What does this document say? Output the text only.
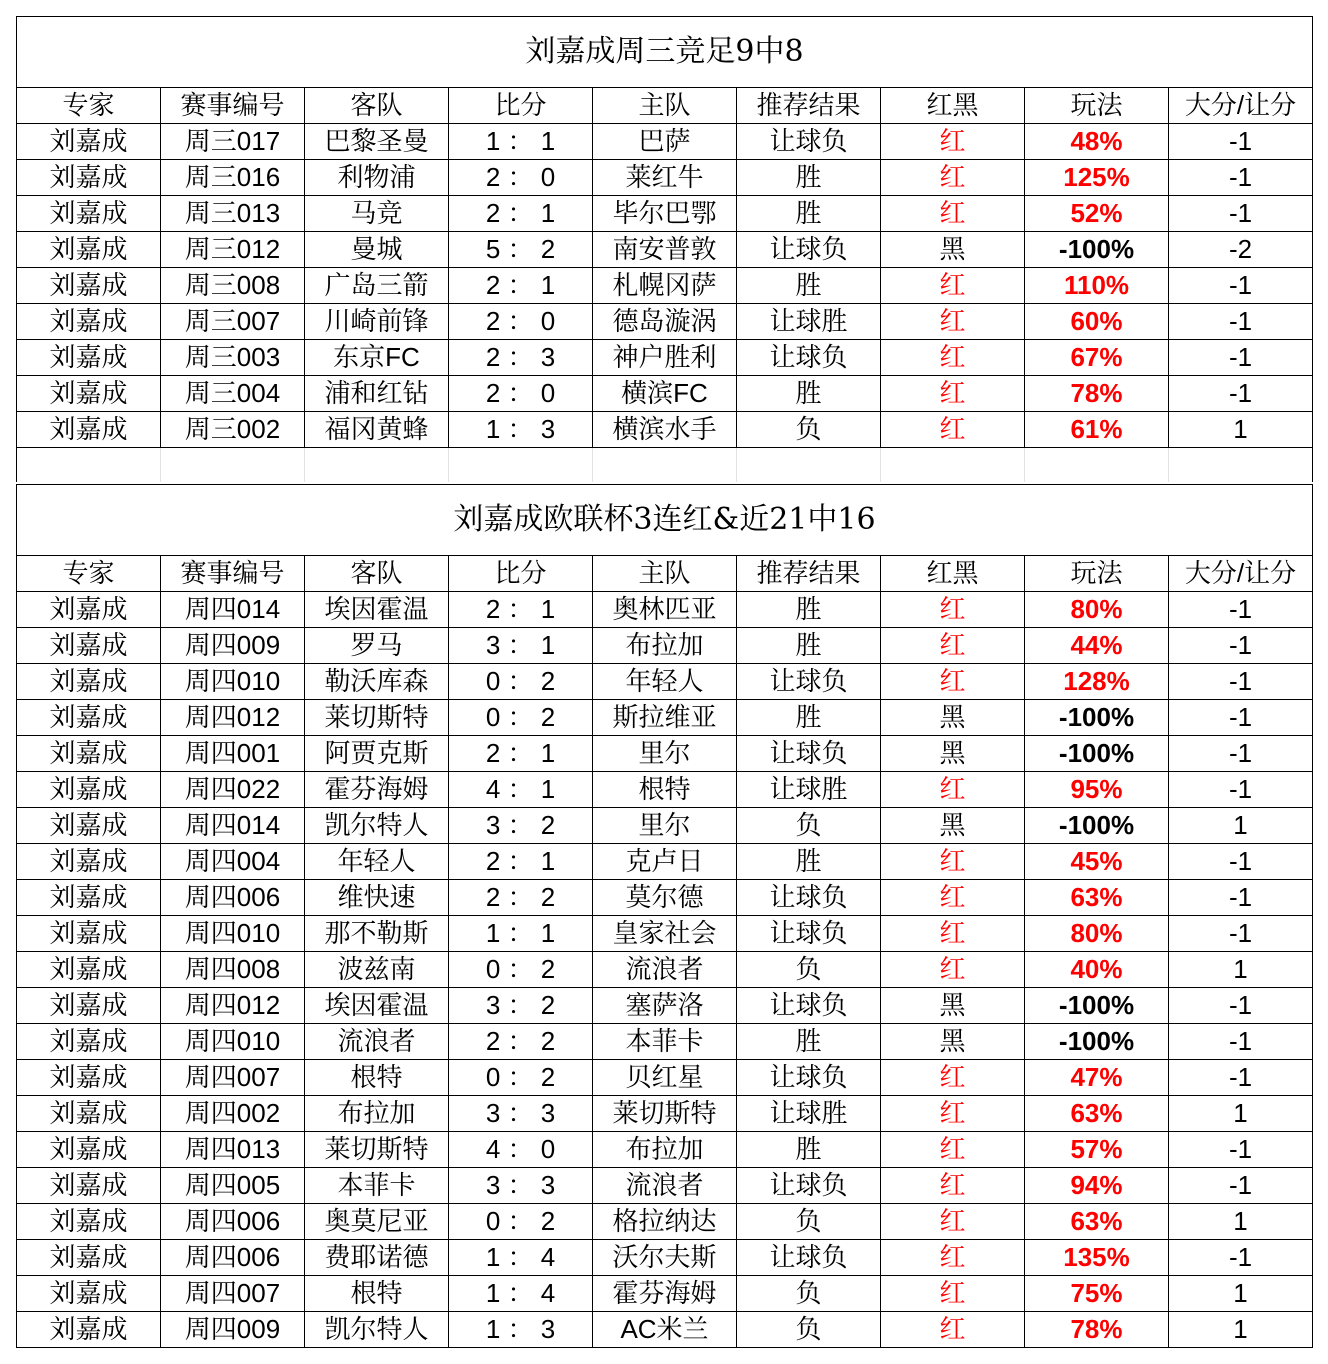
刘嘉成周三竞足9中8								
专家	赛事编号	客队	比分	主队	推荐结果	红黑	玩法	大分/让分
刘嘉成	周三017	巴黎圣曼	1 ： 1	巴萨	让球负	红	48%	-1
刘嘉成	周三016	利物浦	2 ： 0	莱红牛	胜	红	125%	-1
刘嘉成	周三013	马竞	2 ： 1	毕尔巴鄂	胜	红	52%	-1
刘嘉成	周三012	曼城	5 ： 2	南安普敦	让球负	黑	-100%	-2
刘嘉成	周三008	广岛三箭	2 ： 1	札幌冈萨	胜	红	110%	-1
刘嘉成	周三007	川崎前锋	2 ： 0	德岛漩涡	让球胜	红	60%	-1
刘嘉成	周三003	东京FC	2 ： 3	神户胜利	让球负	红	67%	-1
刘嘉成	周三004	浦和红钻	2 ： 0	横滨FC	胜	红	78%	-1
刘嘉成	周三002	福冈黄蜂	1 ： 3	横滨水手	负	红	61%	1

刘嘉成欧联杯3连红&近21中16								
专家	赛事编号	客队	比分	主队	推荐结果	红黑	玩法	大分/让分
刘嘉成	周四014	埃因霍温	2 ： 1	奥林匹亚	胜	红	80%	-1
刘嘉成	周四009	罗马	3 ： 1	布拉加	胜	红	44%	-1
刘嘉成	周四010	勒沃库森	0 ： 2	年轻人	让球负	红	128%	-1
刘嘉成	周四012	莱切斯特	0 ： 2	斯拉维亚	胜	黑	-100%	-1
刘嘉成	周四001	阿贾克斯	2 ： 1	里尔	让球负	黑	-100%	-1
刘嘉成	周四022	霍芬海姆	4 ： 1	根特	让球胜	红	95%	-1
刘嘉成	周四014	凯尔特人	3 ： 2	里尔	负	黑	-100%	1
刘嘉成	周四004	年轻人	2 ： 1	克卢日	胜	红	45%	-1
刘嘉成	周四006	维快速	2 ： 2	莫尔德	让球负	红	63%	-1
刘嘉成	周四010	那不勒斯	1 ： 1	皇家社会	让球负	红	80%	-1
刘嘉成	周四008	波兹南	0 ： 2	流浪者	负	红	40%	1
刘嘉成	周四012	埃因霍温	3 ： 2	塞萨洛	让球负	黑	-100%	-1
刘嘉成	周四010	流浪者	2 ： 2	本菲卡	胜	黑	-100%	-1
刘嘉成	周四007	根特	0 ： 2	贝红星	让球负	红	47%	-1
刘嘉成	周四002	布拉加	3 ： 3	莱切斯特	让球胜	红	63%	1
刘嘉成	周四013	莱切斯特	4 ： 0	布拉加	胜	红	57%	-1
刘嘉成	周四005	本菲卡	3 ： 3	流浪者	让球负	红	94%	-1
刘嘉成	周四006	奥莫尼亚	0 ： 2	格拉纳达	负	红	63%	1
刘嘉成	周四006	费耶诺德	1 ： 4	沃尔夫斯	让球负	红	135%	-1
刘嘉成	周四007	根特	1 ： 4	霍芬海姆	负	红	75%	1
刘嘉成	周四009	凯尔特人	1 ： 3	AC米兰	负	红	78%	1
